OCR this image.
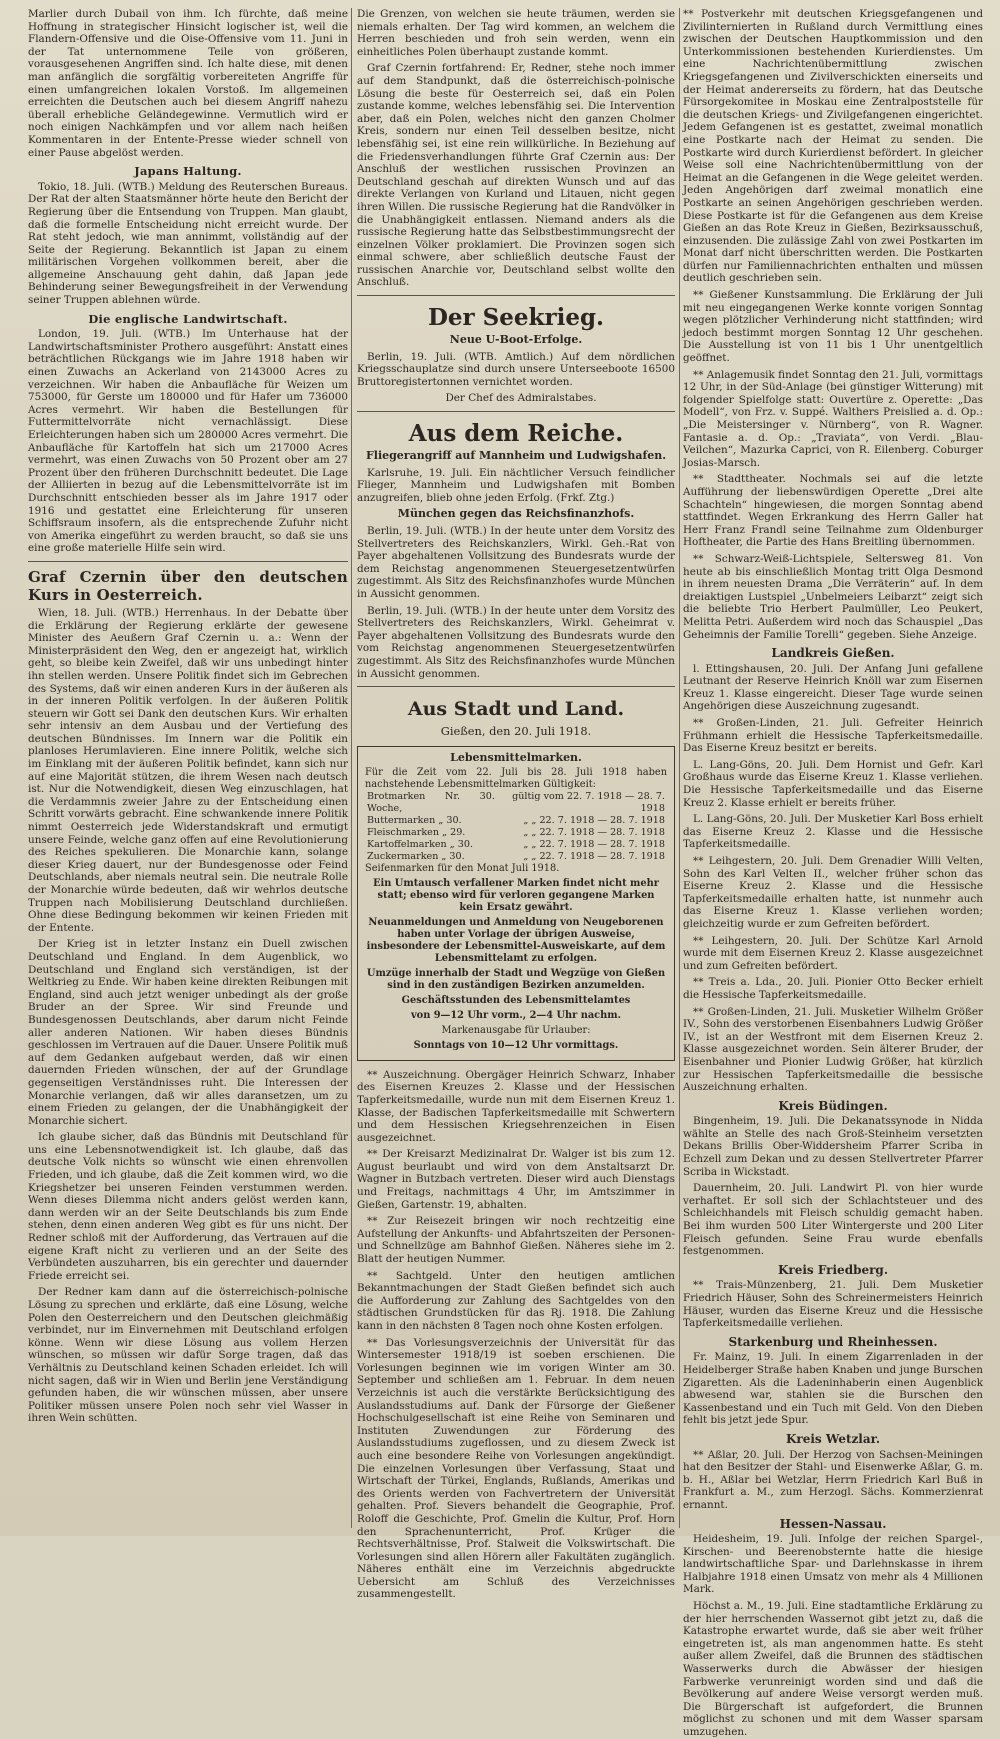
Marlier durch Dubail von ihm. Ich fürchte, daß meine Hoffnung in strategischer Hinsicht logischer ist, weil die Flandern-Offensive und die Oise-Offensive vom 11. Juni in der Tat unternommene Teile von größeren, vorausgesehenen Angriffen sind. Ich halte diese, mit denen man anfänglich die sorgfältig vorbereiteten Angriffe für einen umfangreichen lokalen Vorstoß. Im allgemeinen erreichten die Deutschen auch bei diesem Angriff nahezu überall erhebliche Geländegewinne. Vermutlich wird er noch einigen Nachkämpfen und vor allem nach heißen Kommentaren in der Entente-Presse wieder schnell von einer Pause abgelöst werden.

Japans Haltung.

Tokio, 18. Juli. (WTB.) Meldung des Reuterschen Bureaus. Der Rat der alten Staatsmänner hörte heute den Bericht der Regierung über die Entsendung von Truppen. Man glaubt, daß die formelle Entscheidung nicht erreicht wurde. Der Rat steht jedoch, wie man annimmt, vollständig auf der Seite der Regierung. Bekanntlich ist Japan zu einem militärischen Vorgehen vollkommen bereit, aber die allgemeine Anschauung geht dahin, daß Japan jede Behinderung seiner Bewegungsfreiheit in der Verwendung seiner Truppen ablehnen würde.

Die englische Landwirtschaft.

London, 19. Juli. (WTB.) Im Unterhause hat der Landwirtschaftsminister Prothero ausgeführt: Anstatt eines beträchtlichen Rückgangs wie im Jahre 1918 haben wir einen Zuwachs an Ackerland von 2143000 Acres zu verzeichnen. Wir haben die Anbaufläche für Weizen um 753000, für Gerste um 180000 und für Hafer um 736000 Acres vermehrt. Wir haben die Bestellungen für Futtermittelvorräte nicht vernachlässigt. Diese Erleichterungen haben sich um 280000 Acres vermehrt. Die Anbaufläche für Kartoffeln hat sich um 217000 Acres vermehrt, was einen Zuwachs von 50 Prozent ober am 27 Prozent über den früheren Durchschnitt bedeutet. Die Lage der Alliierten in bezug auf die Lebensmittelvorräte ist im Durchschnitt entschieden besser als im Jahre 1917 oder 1916 und gestattet eine Erleichterung für unseren Schiffsraum insofern, als die entsprechende Zufuhr nicht von Amerika eingeführt zu werden braucht, so daß sie uns eine große materielle Hilfe sein wird.

Graf Czernin über den deutschen Kurs in Oesterreich.

Wien, 18. Juli. (WTB.) Herrenhaus. In der Debatte über die Erklärung der Regierung erklärte der gewesene Minister des Aeußern Graf Czernin u. a.: Wenn der Ministerpräsident den Weg, den er angezeigt hat, wirklich geht, so bleibe kein Zweifel, daß wir uns unbedingt hinter ihn stellen werden. Unsere Politik findet sich im Gebrechen des Systems, daß wir einen anderen Kurs in der äußeren als in der inneren Politik verfolgen. In der äußeren Politik steuern wir Gott sei Dank den deutschen Kurs. Wir erhalten sehr intensiv an dem Ausbau und der Vertiefung des deutschen Bündnisses. Im Innern war die Politik ein planloses Herumlavieren. Eine innere Politik, welche sich im Einklang mit der äußeren Politik befindet, kann sich nur auf eine Majorität stützen, die ihrem Wesen nach deutsch ist. Nur die Notwendigkeit, diesen Weg einzuschlagen, hat die Verdammnis zweier Jahre zu der Entscheidung einen Schritt vorwärts gebracht. Eine schwankende innere Politik nimmt Oesterreich jede Widerstandskraft und ermutigt unsere Feinde, welche ganz offen auf eine Revolutionierung des Reiches spekulieren. Die Monarchie kann, solange dieser Krieg dauert, nur der Bundesgenosse oder Feind Deutschlands, aber niemals neutral sein. Die neutrale Rolle der Monarchie würde bedeuten, daß wir wehrlos deutsche Truppen nach Mobilisierung Deutschland durchließen. Ohne diese Bedingung bekommen wir keinen Frieden mit der Entente.

Der Krieg ist in letzter Instanz ein Duell zwischen Deutschland und England. In dem Augenblick, wo Deutschland und England sich verständigen, ist der Weltkrieg zu Ende. Wir haben keine direkten Reibungen mit England, sind auch jetzt weniger unbedingt als der große Bruder an der Spree. Wir sind Freunde und Bundesgenossen Deutschlands, aber darum nicht Feinde aller anderen Nationen. Wir haben dieses Bündnis geschlossen im Vertrauen auf die Dauer. Unsere Politik muß auf dem Gedanken aufgebaut werden, daß wir einen dauernden Frieden wünschen, der auf der Grundlage gegenseitigen Verständnisses ruht. Die Interessen der Monarchie verlangen, daß wir alles daransetzen, um zu einem Frieden zu gelangen, der die Unabhängigkeit der Monarchie sichert.

Ich glaube sicher, daß das Bündnis mit Deutschland für uns eine Lebensnotwendigkeit ist. Ich glaube, daß das deutsche Volk nichts so wünscht wie einen ehrenvollen Frieden, und ich glaube, daß die Zeit kommen wird, wo die Kriegshetzer bei unseren Feinden verstummen werden. Wenn dieses Dilemma nicht anders gelöst werden kann, dann werden wir an der Seite Deutschlands bis zum Ende stehen, denn einen anderen Weg gibt es für uns nicht. Der Redner schloß mit der Aufforderung, das Vertrauen auf die eigene Kraft nicht zu verlieren und an der Seite des Verbündeten auszuharren, bis ein gerechter und dauernder Friede erreicht sei.

Der Redner kam dann auf die österreichisch-polnische Lösung zu sprechen und erklärte, daß eine Lösung, welche Polen den Oesterreichern und den Deutschen gleichmäßig verbindet, nur im Einvernehmen mit Deutschland erfolgen könne. Wenn wir diese Lösung aus vollem Herzen wünschen, so müssen wir dafür Sorge tragen, daß das Verhältnis zu Deutschland keinen Schaden erleidet. Ich will nicht sagen, daß wir in Wien und Berlin jene Verständigung gefunden haben, die wir wünschen müssen, aber unsere Politiker müssen unsere Polen noch sehr viel Wasser in ihren Wein schütten.

Die Grenzen, von welchen sie heute träumen, werden sie niemals erhalten. Der Tag wird kommen, an welchem die Herren beschieden und froh sein werden, wenn ein einheitliches Polen überhaupt zustande kommt.

Graf Czernin fortfahrend: Er, Redner, stehe noch immer auf dem Standpunkt, daß die österreichisch-polnische Lösung die beste für Oesterreich sei, daß ein Polen zustande komme, welches lebensfähig sei. Die Intervention aber, daß ein Polen, welches nicht den ganzen Cholmer Kreis, sondern nur einen Teil desselben besitze, nicht lebensfähig sei, ist eine rein willkürliche. In Beziehung auf die Friedensverhandlungen führte Graf Czernin aus: Der Anschluß der westlichen russischen Provinzen an Deutschland geschah auf direkten Wunsch und auf das direkte Verlangen von Kurland und Litauen, nicht gegen ihren Willen. Die russische Regierung hat die Randvölker in die Unabhängigkeit entlassen. Niemand anders als die russische Regierung hatte das Selbstbestimmungsrecht der einzelnen Völker proklamiert. Die Provinzen sogen sich einmal schwere, aber schließlich deutsche Faust der russischen Anarchie vor, Deutschland selbst wollte den Anschluß.

Der Seekrieg.
Neue U-Boot-Erfolge.

Berlin, 19. Juli. (WTB. Amtlich.) Auf dem nördlichen Kriegsschauplatze sind durch unsere Unterseeboote 16500 Bruttoregistertonnen vernichtet worden.

Der Chef des Admiralstabes.

Aus dem Reiche.
Fliegerangriff auf Mannheim und Ludwigshafen.

Karlsruhe, 19. Juli. Ein nächtlicher Versuch feindlicher Flieger, Mannheim und Ludwigshafen mit Bomben anzugreifen, blieb ohne jeden Erfolg. (Frkf. Ztg.)

München gegen das Reichsfinanzhofs.

Berlin, 19. Juli. (WTB.) In der heute unter dem Vorsitz des Stellvertreters des Reichskanzlers, Wirkl. Geh.-Rat von Payer abgehaltenen Vollsitzung des Bundesrats wurde der dem Reichstag angenommenen Steuergesetzentwürfen zugestimmt. Als Sitz des Reichsfinanzhofes wurde München in Aussicht genommen.

Berlin, 19. Juli. (WTB.) In der heute unter dem Vorsitz des Stellvertreters des Reichskanzlers, Wirkl. Geheimrat v. Payer abgehaltenen Vollsitzung des Bundesrats wurde den vom Reichstag angenommenen Steuergesetzentwürfen zugestimmt. Als Sitz des Reichsfinanzhofes wurde München in Aussicht genommen.

Aus Stadt und Land.
Gießen, den 20. Juli 1918.
Lebensmittelmarken.
Für die Zeit vom 22. Juli bis 28. Juli 1918 haben nachstehende Lebensmittelmarken Gültigkeit:
Brotmarken Nr. 30. Woche,	gültig vom 22. 7. 1918 — 28. 7. 1918
Buttermarken „ 30.	„ „ 22. 7. 1918 — 28. 7. 1918
Fleischmarken „ 29.	„ „ 22. 7. 1918 — 28. 7. 1918
Kartoffelmarken „ 30.	„ „ 22. 7. 1918 — 28. 7. 1918
Zuckermarken „ 30.	„ „ 22. 7. 1918 — 28. 7. 1918
Seifenmarken für den Monat Juli 1918.
Ein Umtausch verfallener Marken findet nicht mehr statt; ebenso wird für verloren gegangene Marken kein Ersatz gewährt.
Neuanmeldungen und Anmeldung von Neugeborenen haben unter Vorlage der übrigen Ausweise, insbesondere der Lebensmittel-Ausweiskarte, auf dem Lebensmittelamt zu erfolgen.
Umzüge innerhalb der Stadt und Wegzüge von Gießen sind in den zuständigen Bezirken anzumelden.
Geschäftsstunden des Lebensmittelamtes
von 9—12 Uhr vorm., 2—4 Uhr nachm.
Markenausgabe für Urlauber:
Sonntags von 10—12 Uhr vormittags.

** Auszeichnung. Obergäger Heinrich Schwarz, Inhaber des Eisernen Kreuzes 2. Klasse und der Hessischen Tapferkeitsmedaille, wurde nun mit dem Eisernen Kreuz 1. Klasse, der Badischen Tapferkeitsmedaille mit Schwertern und dem Hessischen Kriegsehrenzeichen in Eisen ausgezeichnet.

** Der Kreisarzt Medizinalrat Dr. Walger ist bis zum 12. August beurlaubt und wird von dem Anstaltsarzt Dr. Wagner in Butzbach vertreten. Dieser wird auch Dienstags und Freitags, nachmittags 4 Uhr, im Amtszimmer in Gießen, Gartenstr. 19, abhalten.

** Zur Reisezeit bringen wir noch rechtzeitig eine Aufstellung der Ankunfts- und Abfahrtszeiten der Personen- und Schnellzüge am Bahnhof Gießen. Näheres siehe im 2. Blatt der heutigen Nummer.

** Sachtgeld. Unter den heutigen amtlichen Bekanntmachungen der Stadt Gießen befindet sich auch die Aufforderung zur Zahlung des Sachtgeldes von den städtischen Grundstücken für das Rj. 1918. Die Zahlung kann in den nächsten 8 Tagen noch ohne Kosten erfolgen.

** Das Vorlesungsverzeichnis der Universität für das Wintersemester 1918/19 ist soeben erschienen. Die Vorlesungen beginnen wie im vorigen Winter am 30. September und schließen am 1. Februar. In dem neuen Verzeichnis ist auch die verstärkte Berücksichtigung des Auslandsstudiums auf. Dank der Fürsorge der Gießener Hochschulgesellschaft ist eine Reihe von Seminaren und Instituten Zuwendungen zur Förderung des Auslandsstudiums zugeflossen, und zu diesem Zweck ist auch eine besondere Reihe von Vorlesungen angekündigt. Die einzelnen Vorlesungen über Verfassung, Staat und Wirtschaft der Türkei, Englands, Rußlands, Amerikas und des Orients werden von Fachvertretern der Universität gehalten. Prof. Sievers behandelt die Geographie, Prof. Roloff die Geschichte, Prof. Gmelin die Kultur, Prof. Horn den Sprachenunterricht, Prof. Krüger die Rechtsverhältnisse, Prof. Stalweit die Volkswirtschaft. Die Vorlesungen sind allen Hörern aller Fakultäten zugänglich. Näheres enthält eine im Verzeichnis abgedruckte Uebersicht am Schluß des Verzeichnisses zusammengestellt.

** Postverkehr mit deutschen Kriegsgefangenen und Zivilinternierten in Rußland durch Vermittlung eines zwischen der Deutschen Hauptkommission und den Unterkommissionen bestehenden Kurierdienstes. Um eine Nachrichtenübermittlung zwischen Kriegsgefangenen und Zivilverschickten einerseits und der Heimat andererseits zu fördern, hat das Deutsche Fürsorgekomitee in Moskau eine Zentralpoststelle für die deutschen Kriegs- und Zivilgefangenen eingerichtet. Jedem Gefangenen ist es gestattet, zweimal monatlich eine Postkarte nach der Heimat zu senden. Die Postkarte wird durch Kurierdienst befördert. In gleicher Weise soll eine Nachrichtenübermittlung von der Heimat an die Gefangenen in die Wege geleitet werden. Jeden Angehörigen darf zweimal monatlich eine Postkarte an seinen Angehörigen geschrieben werden. Diese Postkarte ist für die Gefangenen aus dem Kreise Gießen an das Rote Kreuz in Gießen, Bezirksausschuß, einzusenden. Die zulässige Zahl von zwei Postkarten im Monat darf nicht überschritten werden. Die Postkarten dürfen nur Familiennachrichten enthalten und müssen deutlich geschrieben sein.

** Gießener Kunstsammlung. Die Erklärung der Juli mit neu eingegangenen Werke konnte vorigen Sonntag wegen plötzlicher Verhinderung nicht stattfinden; wird jedoch bestimmt morgen Sonntag 12 Uhr geschehen. Die Ausstellung ist von 11 bis 1 Uhr unentgeltlich geöffnet.

** Anlagemusik findet Sonntag den 21. Juli, vormittags 12 Uhr, in der Süd-Anlage (bei günstiger Witterung) mit folgender Spielfolge statt: Ouvertüre z. Operette: „Das Modell“, von Frz. v. Suppé. Walthers Preislied a. d. Op.: „Die Meistersinger v. Nürnberg“, von R. Wagner. Fantasie a. d. Op.: „Traviata“, von Verdi. „Blau-Veilchen“, Mazurka Caprici, von R. Eilenberg. Coburger Josias-Marsch.

** Stadttheater. Nochmals sei auf die letzte Aufführung der liebenswürdigen Operette „Drei alte Schachteln“ hingewiesen, die morgen Sonntag abend stattfindet. Wegen Erkrankung des Herrn Galler hat Herr Franz Frandl seine Teilnahme zum Oldenburger Hoftheater, die Partie des Hans Breitling übernommen.

** Schwarz-Weiß-Lichtspiele, Seltersweg 81. Von heute ab bis einschließlich Montag tritt Olga Desmond in ihrem neuesten Drama „Die Verräterin“ auf. In dem dreiaktigen Lustspiel „Unbelmeiers Leibarzt“ zeigt sich die beliebte Trio Herbert Paulmüller, Leo Peukert, Melitta Petri. Außerdem wird noch das Schauspiel „Das Geheimnis der Familie Torelli“ gegeben. Siehe Anzeige.

Landkreis Gießen.

l. Ettingshausen, 20. Juli. Der Anfang Juni gefallene Leutnant der Reserve Heinrich Knöll war zum Eisernen Kreuz 1. Klasse eingereicht. Dieser Tage wurde seinen Angehörigen diese Auszeichnung zugesandt.

** Großen-Linden, 21. Juli. Gefreiter Heinrich Frühmann erhielt die Hessische Tapferkeitsmedaille. Das Eiserne Kreuz besitzt er bereits.

L. Lang-Göns, 20. Juli. Dem Hornist und Gefr. Karl Großhaus wurde das Eiserne Kreuz 1. Klasse verliehen. Die Hessische Tapferkeitsmedaille und das Eiserne Kreuz 2. Klasse erhielt er bereits früher.

L. Lang-Göns, 20. Juli. Der Musketier Karl Boss erhielt das Eiserne Kreuz 2. Klasse und die Hessische Tapferkeitsmedaille.

** Leihgestern, 20. Juli. Dem Grenadier Willi Velten, Sohn des Karl Velten II., welcher früher schon das Eiserne Kreuz 2. Klasse und die Hessische Tapferkeitsmedaille erhalten hatte, ist nunmehr auch das Eiserne Kreuz 1. Klasse verliehen worden; gleichzeitig wurde er zum Gefreiten befördert.

** Leihgestern, 20. Juli. Der Schütze Karl Arnold wurde mit dem Eisernen Kreuz 2. Klasse ausgezeichnet und zum Gefreiten befördert.

** Treis a. Lda., 20. Juli. Pionier Otto Becker erhielt die Hessische Tapferkeitsmedaille.

** Großen-Linden, 21. Juli. Musketier Wilhelm Größer IV., Sohn des verstorbenen Eisenbahners Ludwig Größer IV., ist an der Westfront mit dem Eisernen Kreuz 2. Klasse ausgezeichnet worden. Sein älterer Bruder, der Eisenbahner und Pionier Ludwig Größer, hat kürzlich zur Hessischen Tapferkeitsmedaille die bessische Auszeichnung erhalten.

Kreis Büdingen.

Bingenheim, 19. Juli. Die Dekanatssynode in Nidda wählte an Stelle des nach Groß-Steinheim versetzten Dekans Brillis Ober-Widdersheim Pfarrer Scriba in Echzell zum Dekan und zu dessen Stellvertreter Pfarrer Scriba in Wickstadt.

Dauernheim, 20. Juli. Landwirt Pl. von hier wurde verhaftet. Er soll sich der Schlachtsteuer und des Schleichhandels mit Fleisch schuldig gemacht haben. Bei ihm wurden 500 Liter Wintergerste und 200 Liter Fleisch gefunden. Seine Frau wurde ebenfalls festgenommen.

Kreis Friedberg.

** Trais-Münzenberg, 21. Juli. Dem Musketier Friedrich Häuser, Sohn des Schreinermeisters Heinrich Häuser, wurden das Eiserne Kreuz und die Hessische Tapferkeitsmedaille verliehen.

Starkenburg und Rheinhessen.

Fr. Mainz, 19. Juli. In einem Zigarrenladen in der Heidelberger Straße haben Knaben und junge Burschen Zigaretten. Als die Ladeninhaberin einen Augenblick abwesend war, stahlen sie die Burschen den Kassenbestand und ein Tuch mit Geld. Von den Dieben fehlt bis jetzt jede Spur.

Kreis Wetzlar.

** Aßlar, 20. Juli. Der Herzog von Sachsen-Meiningen hat den Besitzer der Stahl- und Eisenwerke Aßlar, G. m. b. H., Aßlar bei Wetzlar, Herrn Friedrich Karl Buß in Frankfurt a. M., zum Herzogl. Sächs. Kommerzienrat ernannt.

Hessen-Nassau.

Heidesheim, 19. Juli. Infolge der reichen Spargel-, Kirschen- und Beerenobsternte hatte die hiesige landwirtschaftliche Spar- und Darlehnskasse in ihrem Halbjahre 1918 einen Umsatz von mehr als 4 Millionen Mark.

Höchst a. M., 19. Juli. Eine stadtamtliche Erklärung zu der hier herrschenden Wassernot gibt jetzt zu, daß die Katastrophe erwartet wurde, daß sie aber weit früher eingetreten ist, als man angenommen hatte. Es steht außer allem Zweifel, daß die Brunnen des städtischen Wasserwerks durch die Abwässer der hiesigen Farbwerke verunreinigt worden sind und daß die Bevölkerung auf andere Weise versorgt werden muß. Die Bürgerschaft ist aufgefordert, die Brunnen möglichst zu schonen und mit dem Wasser sparsam umzugehen.
